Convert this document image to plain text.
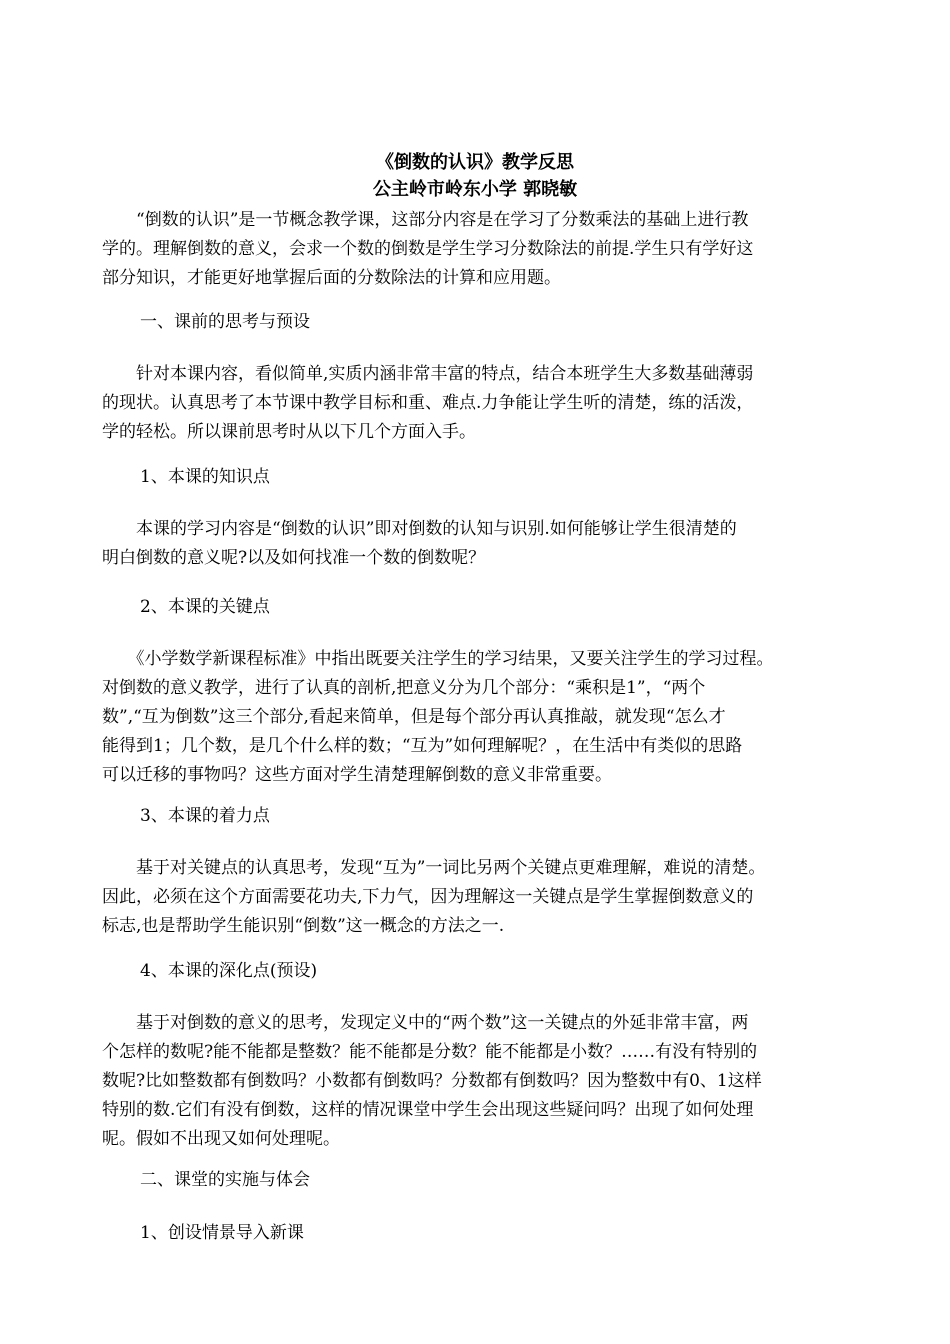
《倒数的认识》教学反思
公主岭市岭东小学 郭晓敏
　　“倒数的认识”是一节概念教学课，这部分内容是在学习了分数乘法的基础上进行教
学的。理解倒数的意义，会求一个数的倒数是学生学习分数除法的前提.学生只有学好这
部分知识，才能更好地掌握后面的分数除法的计算和应用题。

一、课前的思考与预设

　　针对本课内容，看似简单,实质内涵非常丰富的特点，结合本班学生大多数基础薄弱
的现状。认真思考了本节课中教学目标和重、难点.力争能让学生听的清楚，练的活泼，
学的轻松。所以课前思考时从以下几个方面入手。

1、本课的知识点

　　本课的学习内容是“倒数的认识”即对倒数的认知与识别.如何能够让学生很清楚的
明白倒数的意义呢?以及如何找准一个数的倒数呢？

2、本课的关键点

　　《小学数学新课程标准》中指出既要关注学生的学习结果，又要关注学生的学习过程。
对倒数的意义教学，进行了认真的剖析,把意义分为几个部分：“乘积是1”，“两个
数”,“互为倒数”这三个部分,看起来简单，但是每个部分再认真推敲，就发现“怎么才
能得到1；几个数，是几个什么样的数；“互为”如何理解呢？，在生活中有类似的思路
可以迁移的事物吗？这些方面对学生清楚理解倒数的意义非常重要。

3、本课的着力点

　　基于对关键点的认真思考，发现“互为”一词比另两个关键点更难理解，难说的清楚。
因此，必须在这个方面需要花功夫,下力气，因为理解这一关键点是学生掌握倒数意义的
标志,也是帮助学生能识别“倒数”这一概念的方法之一.

4、本课的深化点(预设)

　　基于对倒数的意义的思考，发现定义中的“两个数”这一关键点的外延非常丰富，两
个怎样的数呢?能不能都是整数？能不能都是分数？能不能都是小数？……有没有特别的
数呢?比如整数都有倒数吗？小数都有倒数吗？分数都有倒数吗？因为整数中有0、1这样
特别的数.它们有没有倒数，这样的情况课堂中学生会出现这些疑问吗？出现了如何处理
呢。假如不出现又如何处理呢。

二、课堂的实施与体会

1、创设情景导入新课
